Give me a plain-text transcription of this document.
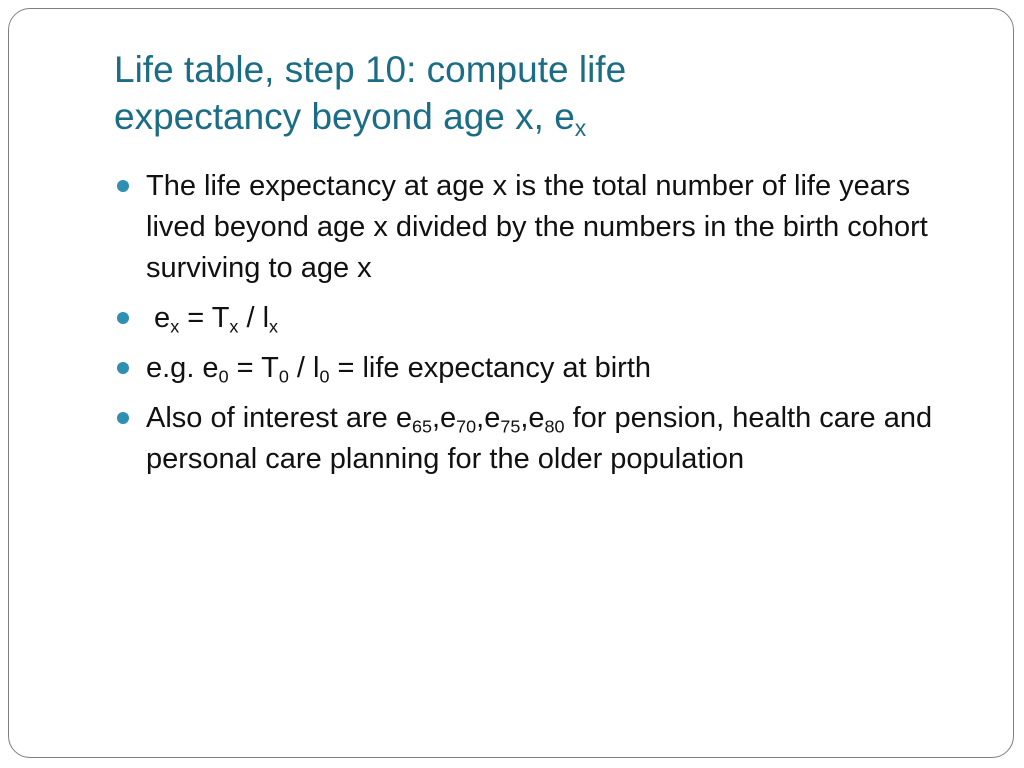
Life table, step 10: compute life
expectancy beyond age x, $e_x$
The life expectancy at age x is the total number of life years lived beyond age x divided by the numbers in the birth cohort surviving to age x
$e_x = T_x / l_x$
e.g. $e_0 = T_0 / l_0$ = life expectancy at birth
Also of interest are $e_{65},e_{70},e_{75},e_{80}$ for pension, health care and personal care planning for the older population
